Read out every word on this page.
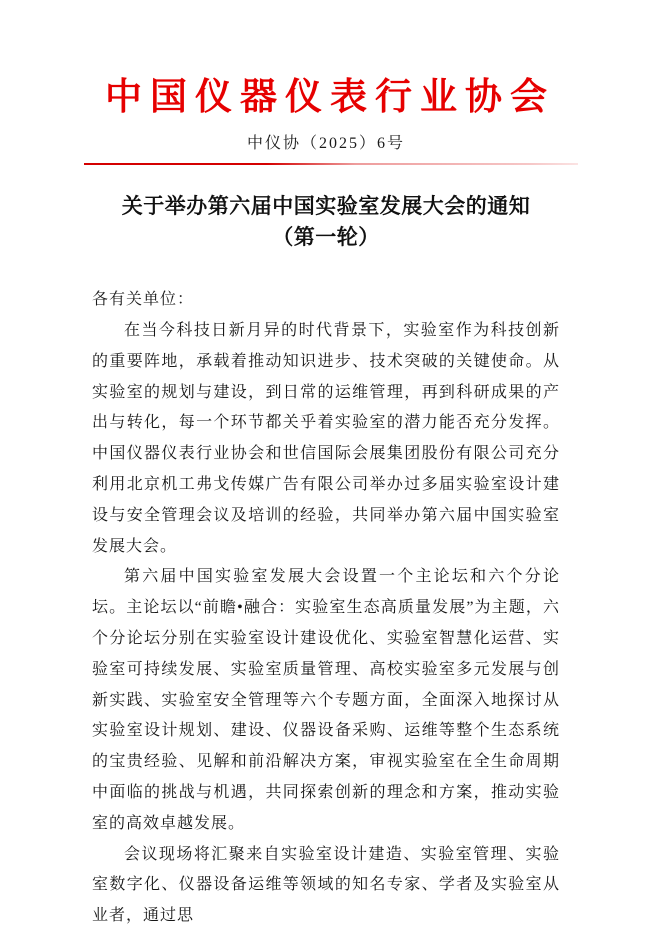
中国仪器仪表行业协会
中仪协（2025）6号
关于举办第六届中国实验室发展大会的通知
（第一轮）
各有关单位：

在当今科技日新月异的时代背景下，实验室作为科技创新的重要阵地，承载着推动知识进步、技术突破的关键使命。从实验室的规划与建设，到日常的运维管理，再到科研成果的产出与转化，每一个环节都关乎着实验室的潜力能否充分发挥。中国仪器仪表行业协会和世信国际会展集团股份有限公司充分利用北京机工弗戈传媒广告有限公司举办过多届实验室设计建设与安全管理会议及培训的经验，共同举办第六届中国实验室发展大会。

第六届中国实验室发展大会设置一个主论坛和六个分论坛。主论坛以“前瞻•融合：实验室生态高质量发展”为主题，六个分论坛分别在实验室设计建设优化、实验室智慧化运营、实验室可持续发展、实验室质量管理、高校实验室多元发展与创新实践、实验室安全管理等六个专题方面，全面深入地探讨从实验室设计规划、建设、仪器设备采购、运维等整个生态系统的宝贵经验、见解和前沿解决方案，审视实验室在全生命周期中面临的挑战与机遇，共同探索创新的理念和方案，推动实验室的高效卓越发展。

会议现场将汇聚来自实验室设计建造、实验室管理、实验室数字化、仪器设备运维等领域的知名专家、学者及实验室从业者，通过思
